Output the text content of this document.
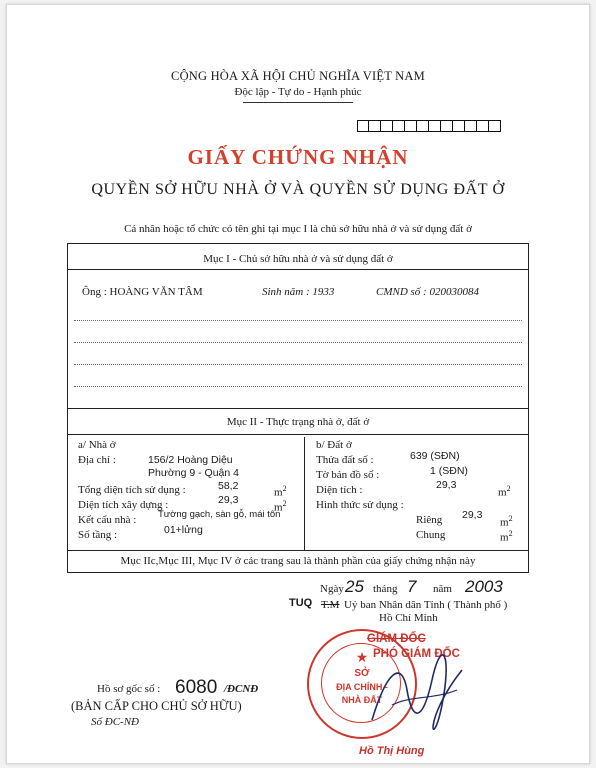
CỘNG HÒA XÃ HỘI CHỦ NGHĨA VIỆT NAM
Độc lập - Tự do - Hạnh phúc
GIẤY CHỨNG NHẬN
QUYỀN SỞ HỮU NHÀ Ở VÀ QUYỀN SỬ DỤNG ĐẤT Ở
Cá nhân hoặc tổ chức có tên ghi tại mục I là chủ sở hữu nhà ở và sử dụng đất ở
Mục I - Chủ sở hữu nhà ở và sử dụng đất ở
Ông : HOÀNG VĂN TÂM	Sinh năm : 1933	CMND số : 020030084
Mục II - Thực trạng nhà ở, đất ở
a/ Nhà ở
Địa chỉ :	156/2 Hoàng Diệu
Phường 9 - Quận 4
Tổng diện tích sử dụng :	58,2
$m^2$
Diện tích xây dựng :	29,3
$m^2$
Kết cấu nhà : Tường gạch, sàn gỗ, mái tôn
Số tầng :	01+lửng
b/ Đất ở
Thửa đất số :	639 (SĐN)
Tờ bản đồ số :	1 (SĐN)
Diện tích :	29,3
$m^2$
Hình thức sử dụng :
Riêng 29,3
$m^2$
Chung	$m^2$
Mục IIc,Mục III, Mục IV ở các trang sau là thành phần của giấy chứng nhận này
Ngày 25 tháng 7 năm 2003
TUQ T.M Uỷ ban Nhân dân Tỉnh ( Thành phố )
Hồ Chí Minh
★
SỞ
ĐỊA CHÍNH -
NHÀ ĐẤT
GIÁM ĐỐC
PHÓ GIÁM ĐỐC
Hồ Thị Hùng
Hồ sơ gốc số : 6080 /ĐCNĐ
(BẢN CẤP CHO CHỦ SỞ HỮU)
Số ĐC-NĐ
